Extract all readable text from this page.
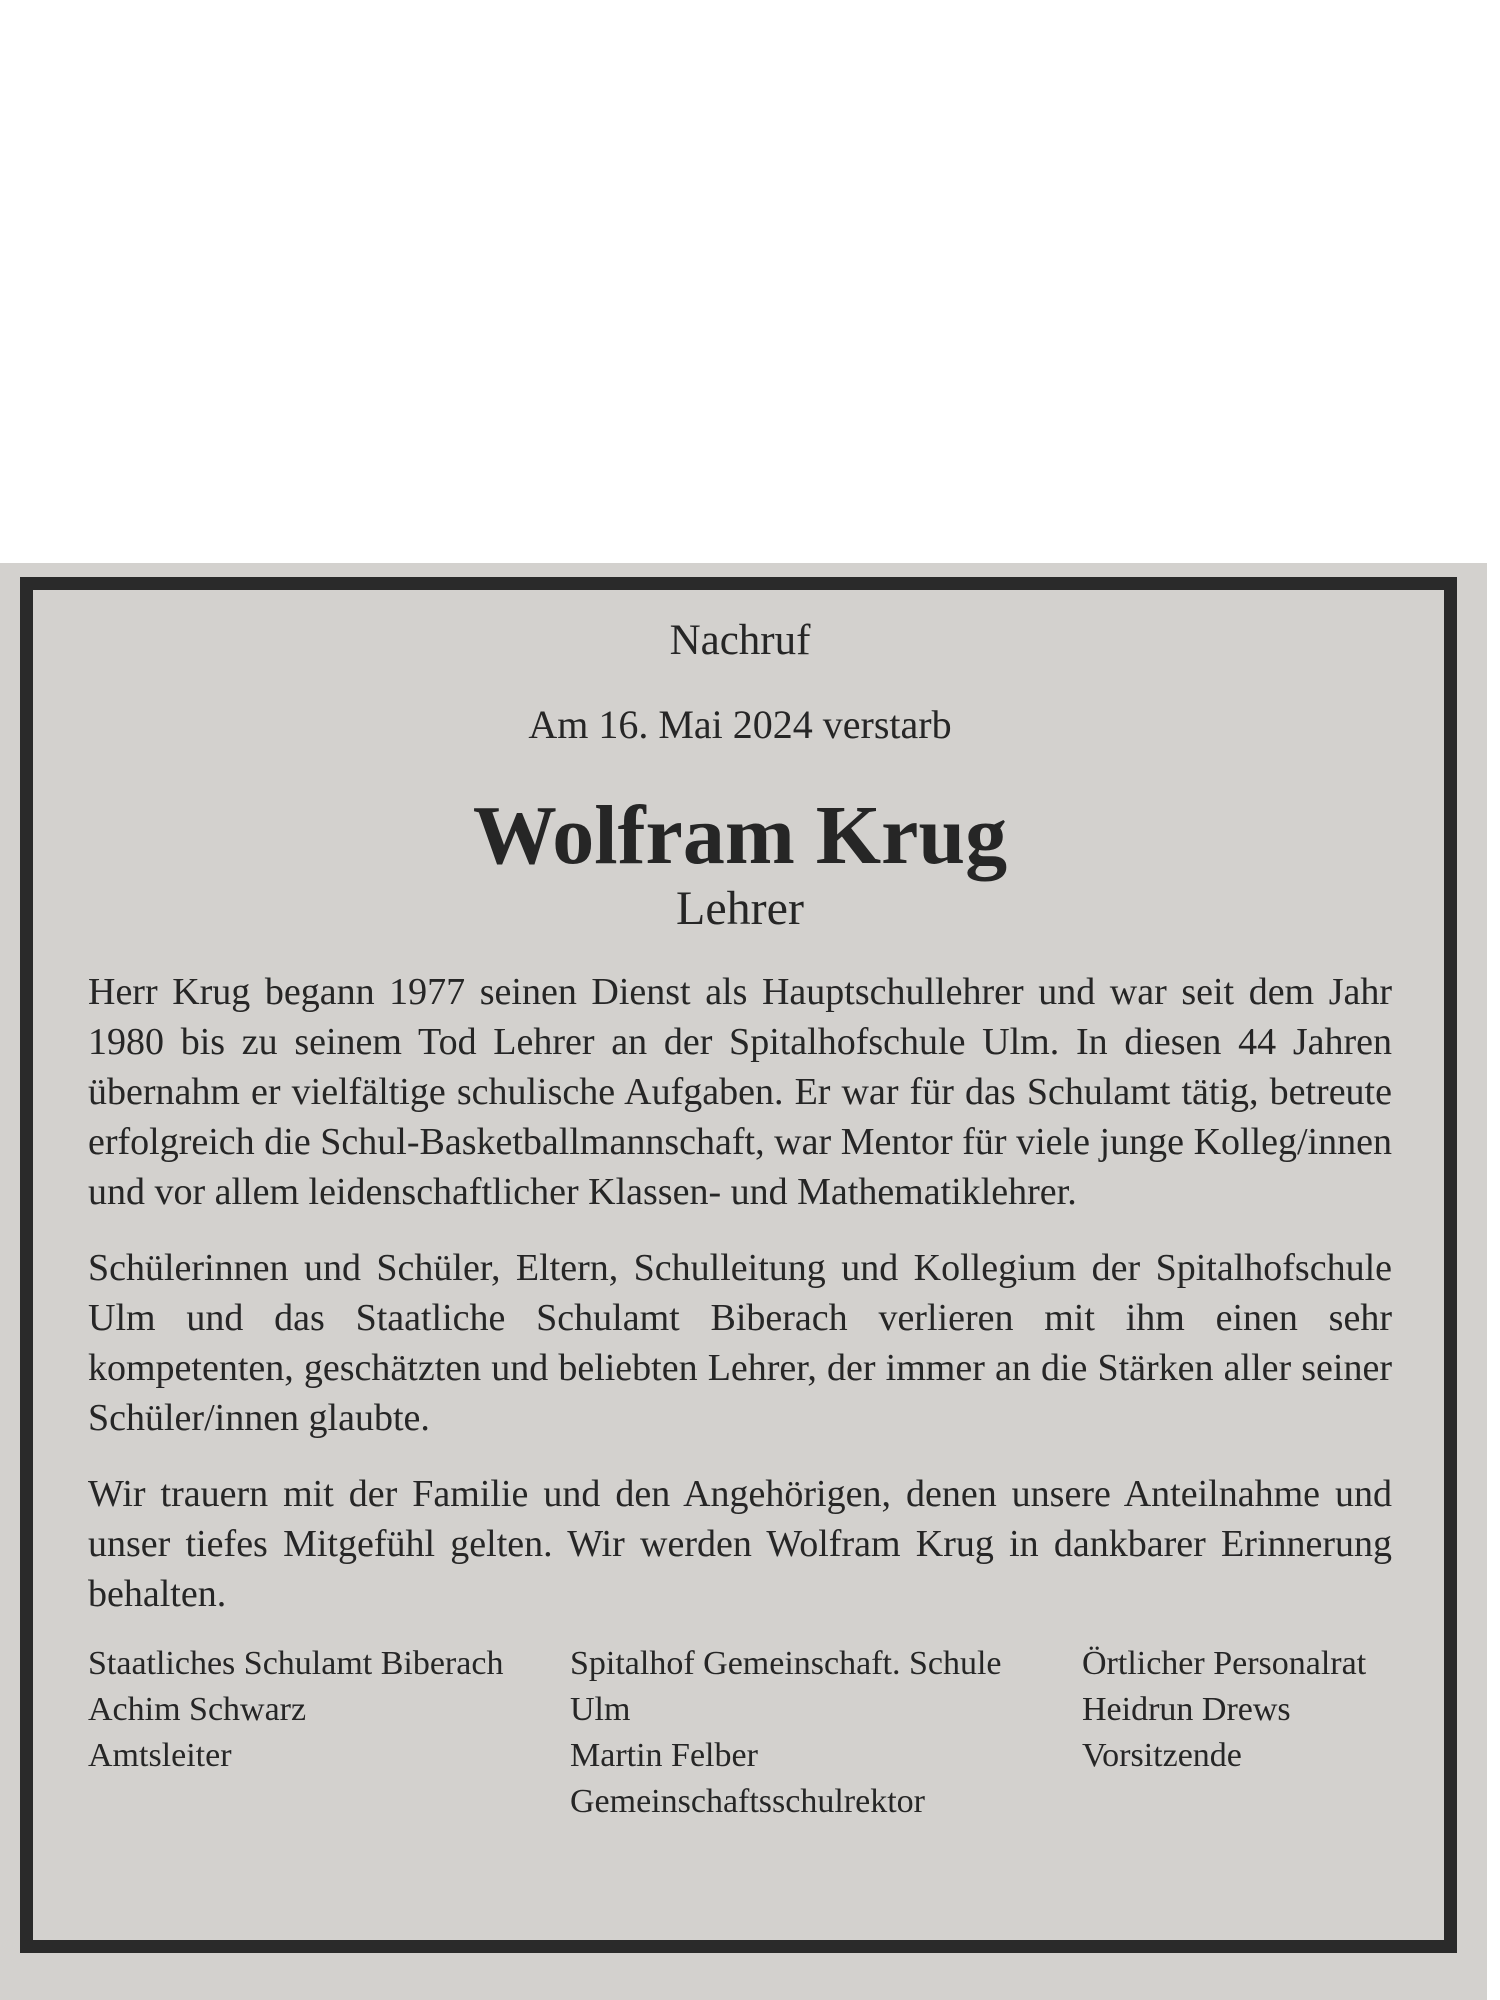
Nachruf
Am 16. Mai 2024 verstarb
Wolfram Krug
Lehrer

Herr Krug begann 1977 seinen Dienst als Hauptschullehrer und war seit dem Jahr 1980 bis zu seinem Tod Lehrer an der Spitalhofschule Ulm. In diesen 44 Jahren übernahm er vielfältige schulische Aufgaben. Er war für das Schulamt tätig, betreute erfolgreich die Schul-Basketballmannschaft, war Mentor für viele junge Kolleg/innen und vor allem leidenschaftlicher Klassen- und Mathematiklehrer.

Schülerinnen und Schüler, Eltern, Schulleitung und Kollegium der Spitalhofschule Ulm und das Staatliche Schulamt Biberach verlieren mit ihm einen sehr kompetenten, geschätzten und beliebten Lehrer, der immer an die Stärken aller seiner Schüler/innen glaubte.

Wir trauern mit der Familie und den Angehörigen, denen unsere Anteilnahme und unser tiefes Mitgefühl gelten. Wir werden Wolfram Krug in dankbarer Erinnerung behalten.

Staatliches Schulamt Biberach
Achim Schwarz
Amtsleiter
Spitalhof Gemeinschaft. Schule
Ulm
Martin Felber
Gemeinschaftsschulrektor
Örtlicher Personalrat
Heidrun Drews
Vorsitzende
